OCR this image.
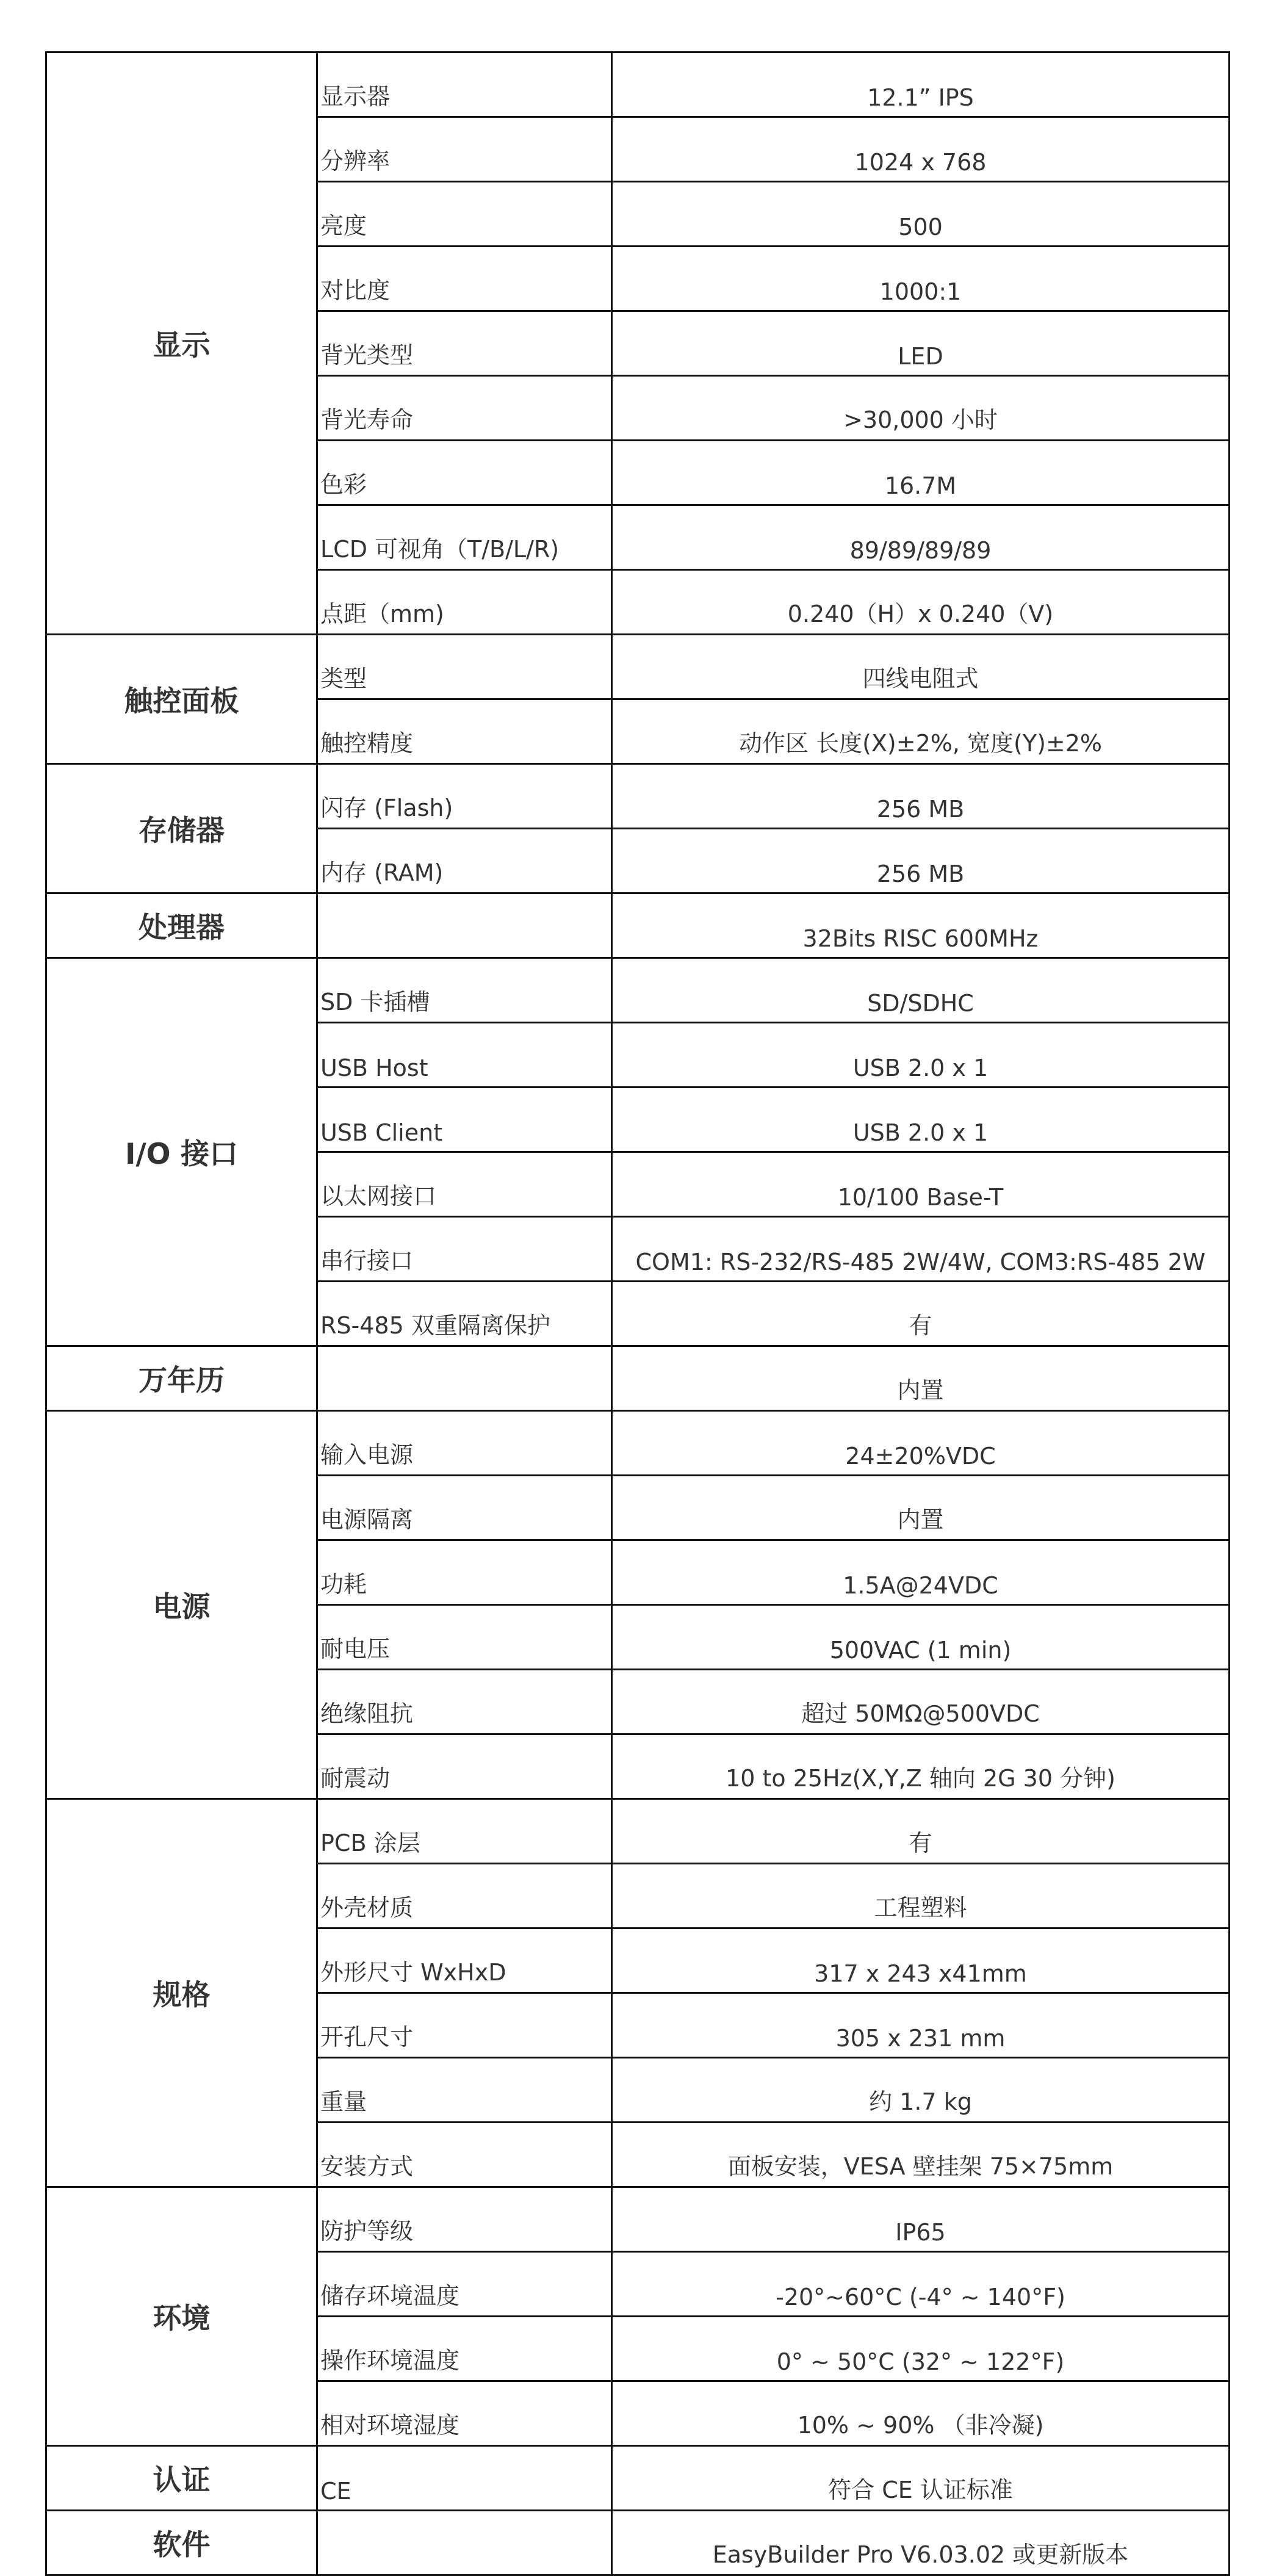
显示	显示器	12.1” IPS
	分辨率	1024 x 768
	亮度	500
	对比度	1000:1
	背光类型	LED
	背光寿命	>30,000 小时
	色彩	16.7M
	LCD 可视角（T/B/L/R)	89/89/89/89
	点距（mm)	0.240（H）x 0.240（V)
触控面板	类型	四线电阻式
	触控精度	动作区 长度(X)±2%, 宽度(Y)±2%
存储器	闪存 (Flash)	256 MB
	内存 (RAM)	256 MB
处理器		32Bits RISC 600MHz
I/O 接口	SD 卡插槽	SD/SDHC
	USB Host	USB 2.0 x 1
	USB Client	USB 2.0 x 1
	以太网接口	10/100 Base-T
	串行接口	COM1: RS-232/RS-485 2W/4W, COM3:RS-485 2W
	RS-485 双重隔离保护	有
万年历		内置
电源	输入电源	24±20%VDC
	电源隔离	内置
	功耗	1.5A@24VDC
	耐电压	500VAC (1 min)
	绝缘阻抗	超过 50MΩ@500VDC
	耐震动	10 to 25Hz(X,Y,Z 轴向 2G 30 分钟)
规格	PCB 涂层	有
	外壳材质	工程塑料
	外形尺寸 WxHxD	317 x 243 x41mm
	开孔尺寸	305 x 231 mm
	重量	约 1.7 kg
	安装方式	面板安装，VESA 壁挂架 75×75mm
环境	防护等级	IP65
	储存环境温度	-20°~60°C (-4° ~ 140°F)
	操作环境温度	0° ~ 50°C (32° ~ 122°F)
	相对环境湿度	10% ~ 90% （非冷凝)
认证	CE	符合 CE 认证标准
软件		EasyBuilder Pro V6.03.02 或更新版本
